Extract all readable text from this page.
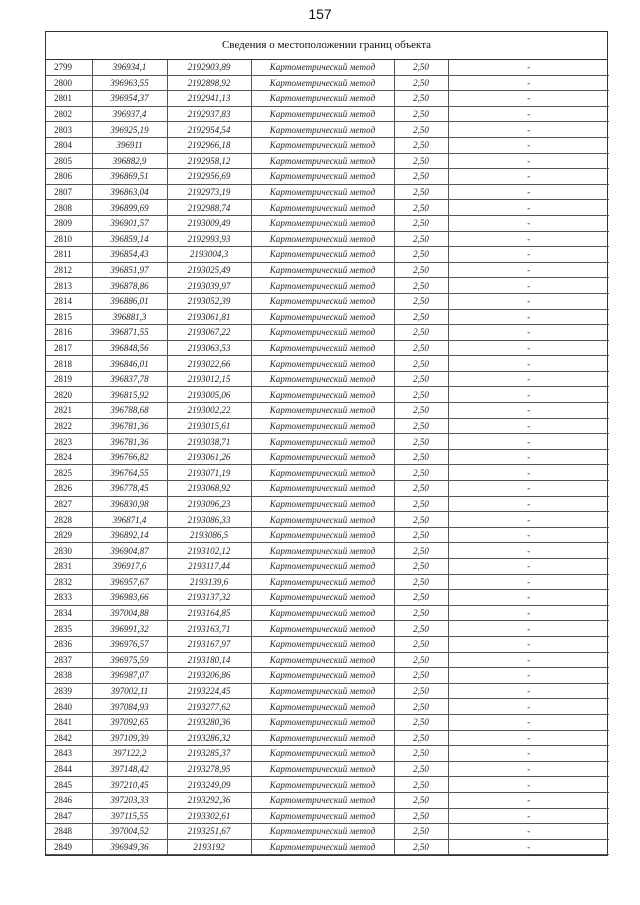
157
Сведения о местоположении границ объекта
2799	396934,1	2192903,89	Картометрический метод	2,50	-
2800	396963,55	2192898,92	Картометрический метод	2,50	-
2801	396954,37	2192941,13	Картометрический метод	2,50	-
2802	396937,4	2192937,83	Картометрический метод	2,50	-
2803	396925,19	2192954,54	Картометрический метод	2,50	-
2804	396911	2192966,18	Картометрический метод	2,50	-
2805	396882,9	2192958,12	Картометрический метод	2,50	-
2806	396869,51	2192956,69	Картометрический метод	2,50	-
2807	396863,04	2192973,19	Картометрический метод	2,50	-
2808	396899,69	2192988,74	Картометрический метод	2,50	-
2809	396901,57	2193009,49	Картометрический метод	2,50	-
2810	396859,14	2192993,93	Картометрический метод	2,50	-
2811	396854,43	2193004,3	Картометрический метод	2,50	-
2812	396851,97	2193025,49	Картометрический метод	2,50	-
2813	396878,86	2193039,97	Картометрический метод	2,50	-
2814	396886,01	2193052,39	Картометрический метод	2,50	-
2815	396881,3	2193061,81	Картометрический метод	2,50	-
2816	396871,55	2193067,22	Картометрический метод	2,50	-
2817	396848,56	2193063,53	Картометрический метод	2,50	-
2818	396846,01	2193022,66	Картометрический метод	2,50	-
2819	396837,78	2193012,15	Картометрический метод	2,50	-
2820	396815,92	2193005,06	Картометрический метод	2,50	-
2821	396788,68	2193002,22	Картометрический метод	2,50	-
2822	396781,36	2193015,61	Картометрический метод	2,50	-
2823	396781,36	2193038,71	Картометрический метод	2,50	-
2824	396766,82	2193061,26	Картометрический метод	2,50	-
2825	396764,55	2193071,19	Картометрический метод	2,50	-
2826	396778,45	2193068,92	Картометрический метод	2,50	-
2827	396830,98	2193096,23	Картометрический метод	2,50	-
2828	396871,4	2193086,33	Картометрический метод	2,50	-
2829	396892,14	2193086,5	Картометрический метод	2,50	-
2830	396904,87	2193102,12	Картометрический метод	2,50	-
2831	396917,6	2193117,44	Картометрический метод	2,50	-
2832	396957,67	2193139,6	Картометрический метод	2,50	-
2833	396983,66	2193137,32	Картометрический метод	2,50	-
2834	397004,88	2193164,85	Картометрический метод	2,50	-
2835	396991,32	2193163,71	Картометрический метод	2,50	-
2836	396976,57	2193167,97	Картометрический метод	2,50	-
2837	396975,59	2193180,14	Картометрический метод	2,50	-
2838	396987,07	2193206,86	Картометрический метод	2,50	-
2839	397002,11	2193224,45	Картометрический метод	2,50	-
2840	397084,93	2193277,62	Картометрический метод	2,50	-
2841	397092,65	2193280,36	Картометрический метод	2,50	-
2842	397109,39	2193286,32	Картометрический метод	2,50	-
2843	397122,2	2193285,37	Картометрический метод	2,50	-
2844	397148,42	2193278,95	Картометрический метод	2,50	-
2845	397210,45	2193249,09	Картометрический метод	2,50	-
2846	397203,33	2193292,36	Картометрический метод	2,50	-
2847	397115,55	2193302,61	Картометрический метод	2,50	-
2848	397004,52	2193251,67	Картометрический метод	2,50	-
2849	396949,36	2193192	Картометрический метод	2,50	-
